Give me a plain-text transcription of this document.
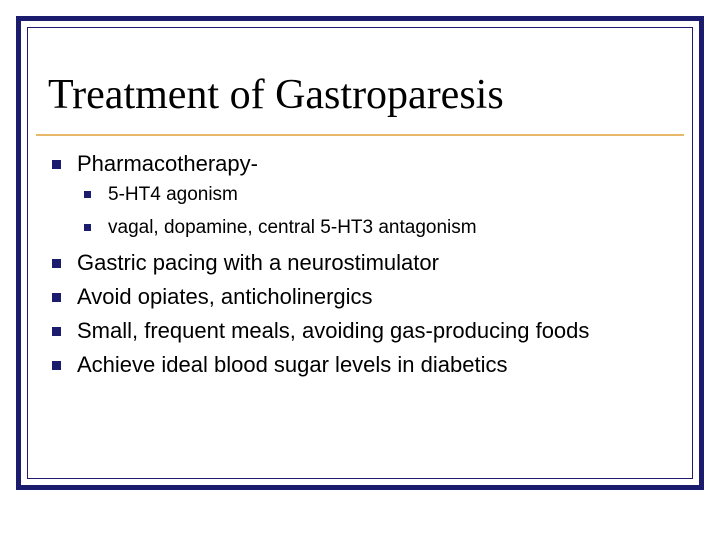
Treatment of Gastroparesis
Pharmacotherapy-
5-HT4 agonism
vagal, dopamine, central 5-HT3 antagonism
Gastric pacing with a neurostimulator
Avoid opiates, anticholinergics
Small, frequent meals, avoiding gas-producing foods
Achieve ideal blood sugar levels in diabetics
